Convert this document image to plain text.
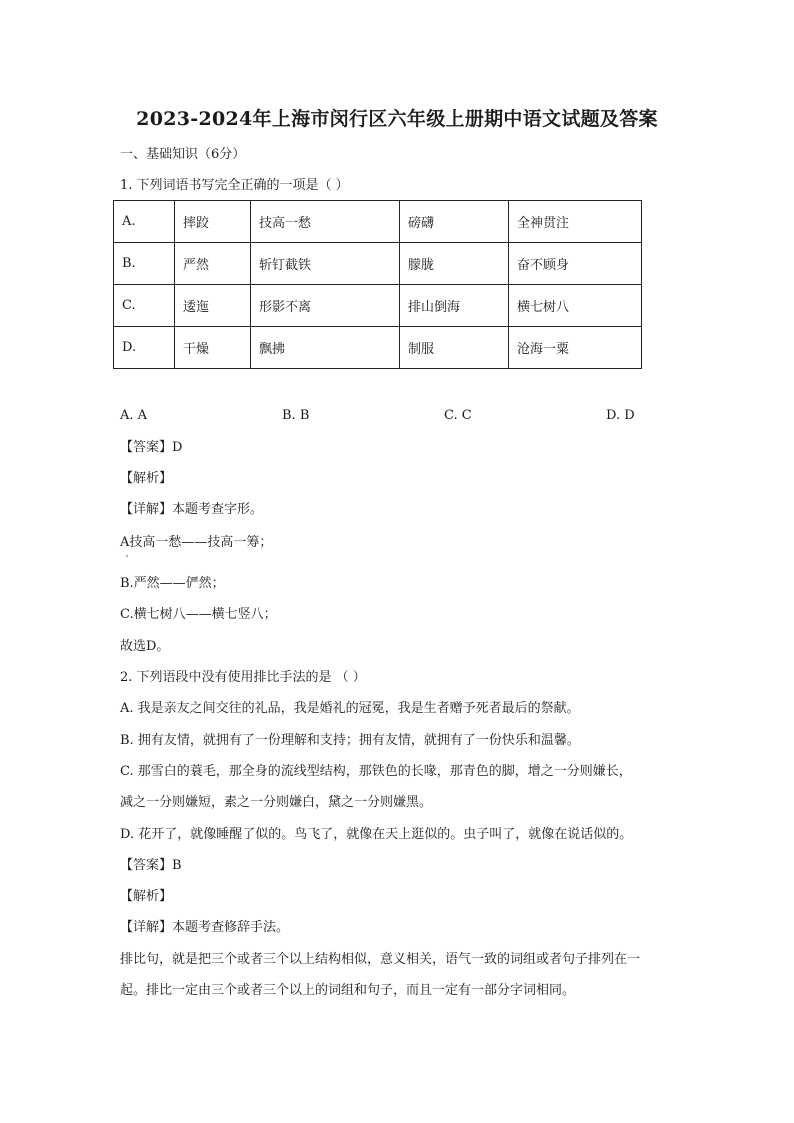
2023-2024年上海市闵行区六年级上册期中语文试题及答案
一、基础知识（6分）
1. 下列词语书写完全正确的一项是（ ）
A.	摔跤	技高一愁	磅礴	全神贯注
B.	严然	斩钉截铁	朦胧	奋不顾身
C.	逶迤	形影不离	排山倒海	横七树八
D.	干燥	飘拂	制服	沧海一粟
A. A	B. B	C. C	D. D
【答案】D
【解析】
【详解】本题考查字形。
A技高一愁——技高一筹；
B.严然——俨然；
C.横七树八——横七竖八；
故选D。
2. 下列语段中没有使用排比手法的是 （ ）
A. 我是亲友之间交往的礼品，我是婚礼的冠冕，我是生者赠予死者最后的祭献。
B. 拥有友情，就拥有了一份理解和支持；拥有友情，就拥有了一份快乐和温馨。
C. 那雪白的蓑毛，那全身的流线型结构，那铁色的长喙，那青色的脚，增之一分则嫌长，
减之一分则嫌短，素之一分则嫌白，黛之一分则嫌黑。
D. 花开了，就像睡醒了似的。鸟飞了，就像在天上逛似的。虫子叫了，就像在说话似的。
【答案】B
【解析】
【详解】本题考查修辞手法。
排比句，就是把三个或者三个以上结构相似，意义相关，语气一致的词组或者句子排列在一
起。排比一定由三个或者三个以上的词组和句子，而且一定有一部分字词相同。
